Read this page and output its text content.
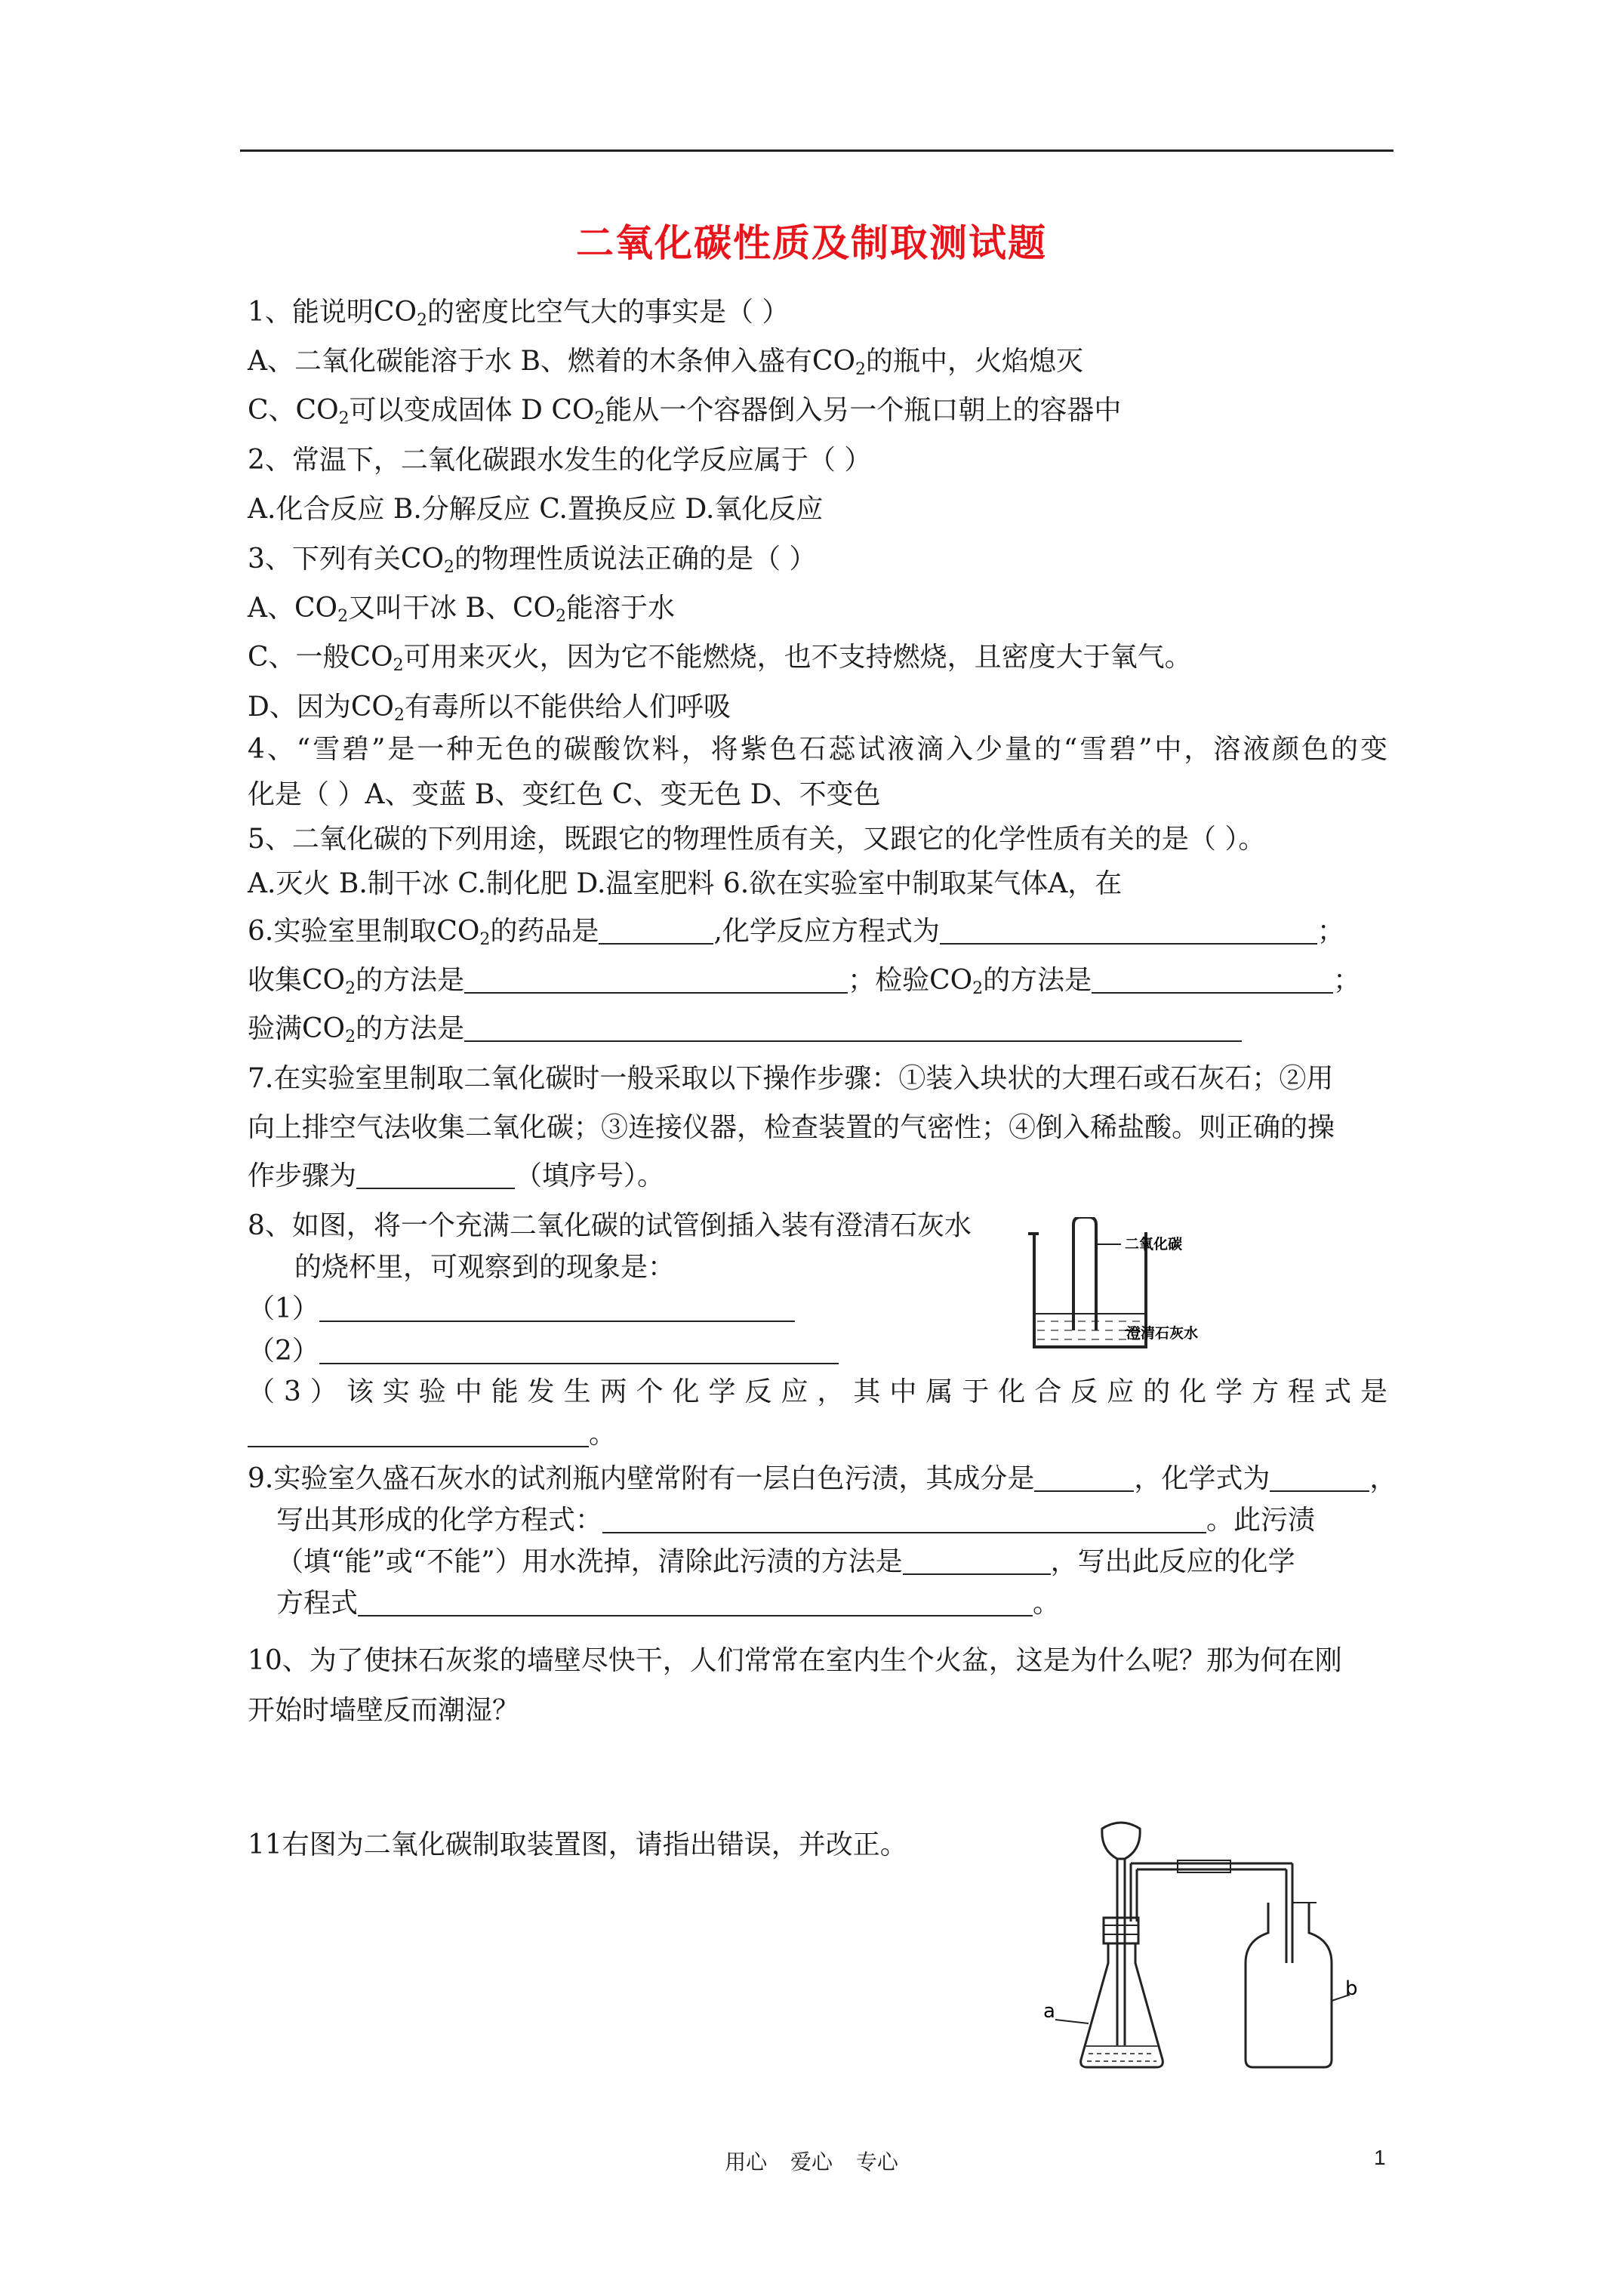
二氧化碳性质及制取测试题
1、能说明$CO_2$的密度比空气大的事实是（ ）
A、二氧化碳能溶于水 B、燃着的木条伸入盛有$CO_2$的瓶中，火焰熄灭
C、$CO_2$可以变成固体 D $CO_2$能从一个容器倒入另一个瓶口朝上的容器中
2、常温下，二氧化碳跟水发生的化学反应属于（ ）
A.化合反应 B.分解反应 C.置换反应 D.氧化反应
3、下列有关$CO_2$的物理性质说法正确的是（ ）
A、$CO_2$又叫干冰 B、$CO_2$能溶于水
C、一般$CO_2$可用来灭火，因为它不能燃烧，也不支持燃烧，且密度大于氧气。
D、因为$CO_2$有毒所以不能供给人们呼吸
4、“雪碧”是一种无色的碳酸饮料，将紫色石蕊试液滴入少量的“雪碧”中，溶液颜色的变
化是（ ）A、变蓝 B、变红色 C、变无色 D、不变色
5、二氧化碳的下列用途，既跟它的物理性质有关，又跟它的化学性质有关的是（ ）。
A.灭火 B.制干冰 C.制化肥 D.温室肥料 6.欲在实验室中制取某气体A，在
6.实验室里制取$CO_2$的药品是	,化学反应方程式为	；
收集$CO_2$的方法是	；检验$CO_2$的方法是	；
验满$CO_2$的方法是
7.在实验室里制取二氧化碳时一般采取以下操作步骤：①装入块状的大理石或石灰石；②用
向上排空气法收集二氧化碳；③连接仪器，检查装置的气密性；④倒入稀盐酸。则正确的操
作步骤为	（填序号）。
8、如图，将一个充满二氧化碳的试管倒插入装有澄清石灰水
的烧杯里，可观察到的现象是：
（1）
（2）
（3）该实验中能发生两个化学反应，其中属于化合反应的化学方程式是
。
二氧化碳
澄清石灰水
9.实验室久盛石灰水的试剂瓶内壁常附有一层白色污渍，其成分是	，化学式为	，
写出其形成的化学方程式：	。此污渍
（填“能”或“不能”）用水洗掉，清除此污渍的方法是	，写出此反应的化学
方程式	。
10、为了使抹石灰浆的墙壁尽快干，人们常常在室内生个火盆，这是为什么呢？那为何在刚
开始时墙壁反而潮湿？
11右图为二氧化碳制取装置图，请指出错误，并改正。
a
b
用心 爱心 专心	1
